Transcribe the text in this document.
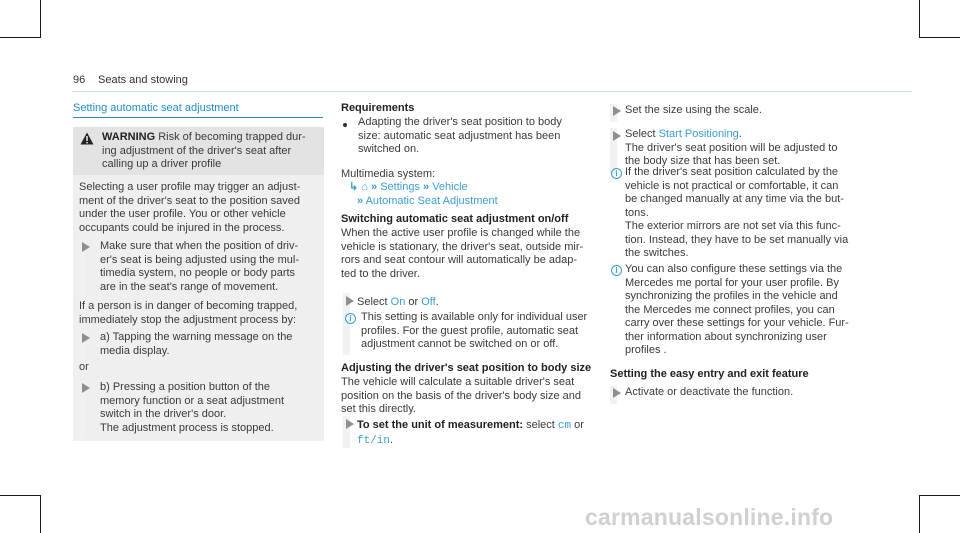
96 Seats and stowing
Setting automatic seat adjustment

WARNING Risk of becoming trapped dur-

ing adjustment of the driver's seat after

calling up a driver profile

Selecting a user profile may trigger an adjust-

ment of the driver's seat to the position saved

under the user profile. You or other vehicle

occupants could be injured in the process.

Make sure that when the position of driv-

er's seat is being adjusted using the mul-

timedia system, no people or body parts

are in the seat's range of movement.

If a person is in danger of becoming trapped,

immediately stop the adjustment process by:

a) Tapping the warning message on the

media display.

or

b) Pressing a position button of the

memory function or a seat adjustment

switch in the driver's door.

The adjustment process is stopped.

Requirements

Adapting the driver's seat position to body

size: automatic seat adjustment has been

switched on.

Multimedia system:

↳ ⌂ » Settings » Vehicle

» Automatic Seat Adjustment

Switching automatic seat adjustment on/off

When the active user profile is changed while the

vehicle is stationary, the driver's seat, outside mir-

rors and seat contour will automatically be adap-

ted to the driver.

Select On or Off.

i This setting is available only for individual user

profiles. For the guest profile, automatic seat

adjustment cannot be switched on or off.

Adjusting the driver's seat position to body size

The vehicle will calculate a suitable driver's seat

position on the basis of the driver's body size and

set this directly.

To set the unit of measurement: select cm or

ft/in.

Set the size using the scale.

Select Start Positioning.

The driver's seat position will be adjusted to

the body size that has been set.

i If the driver's seat position calculated by the

vehicle is not practical or comfortable, it can

be changed manually at any time via the but-

tons.

The exterior mirrors are not set via this func-

tion. Instead, they have to be set manually via

the switches.

i You can also configure these settings via the

Mercedes me portal for your user profile. By

synchronizing the profiles in the vehicle and

the Mercedes me connect profiles, you can

carry over these settings for your vehicle. Fur-

ther information about synchronizing user

profiles .

Setting the easy entry and exit feature
Activate or deactivate the function.
carmanualsonline.info
